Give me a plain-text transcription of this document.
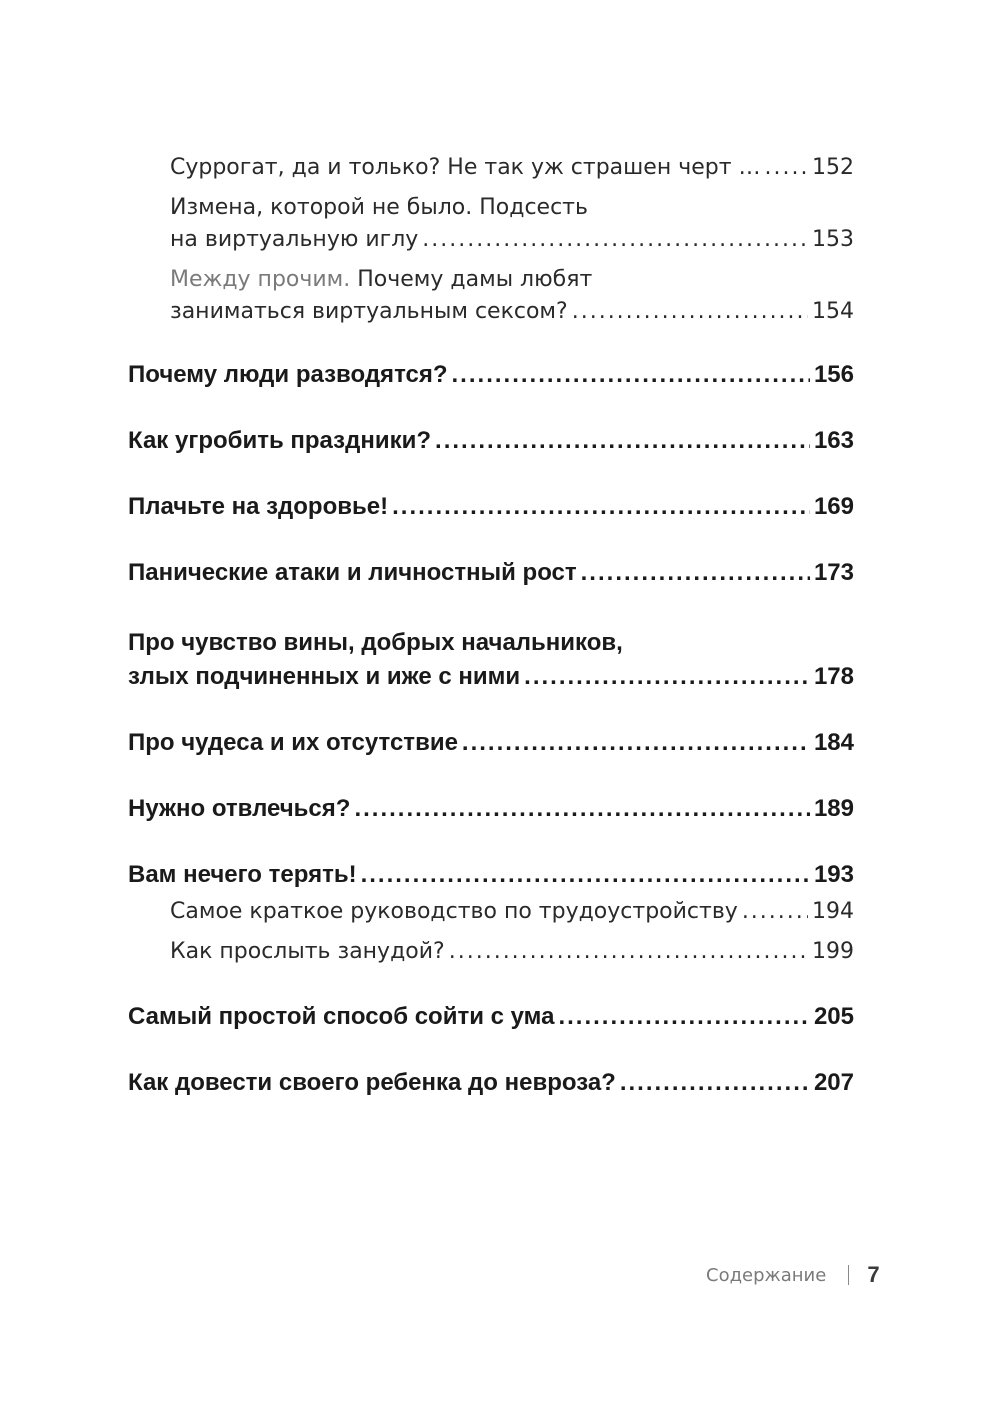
Суррогат, да и только? Не так уж страшен черт … ..... 152
Измена, которой не было. Подсесть
на виртуальную иглу .....	153
Между прочим. Почему дамы любят
заниматься виртуальным сексом? .....	154
Почему люди разводятся? .....	156
Как угробить праздники? .....	163
Плачьте на здоровье! .....	169
Панические атаки и личностный рост .....	173
Про чувство вины, добрых начальников,
злых подчиненных и иже с ними .....	178
Про чудеса и их отсутствие .....	184
Нужно отвлечься? .....	189
Вам нечего терять! .....	193
Самое краткое руководство по трудоустройству .....	194
Как прослыть занудой? .....	199
Самый простой способ сойти с ума .....	205
Как довести своего ребенка до невроза? .....	207
Содержание 7
